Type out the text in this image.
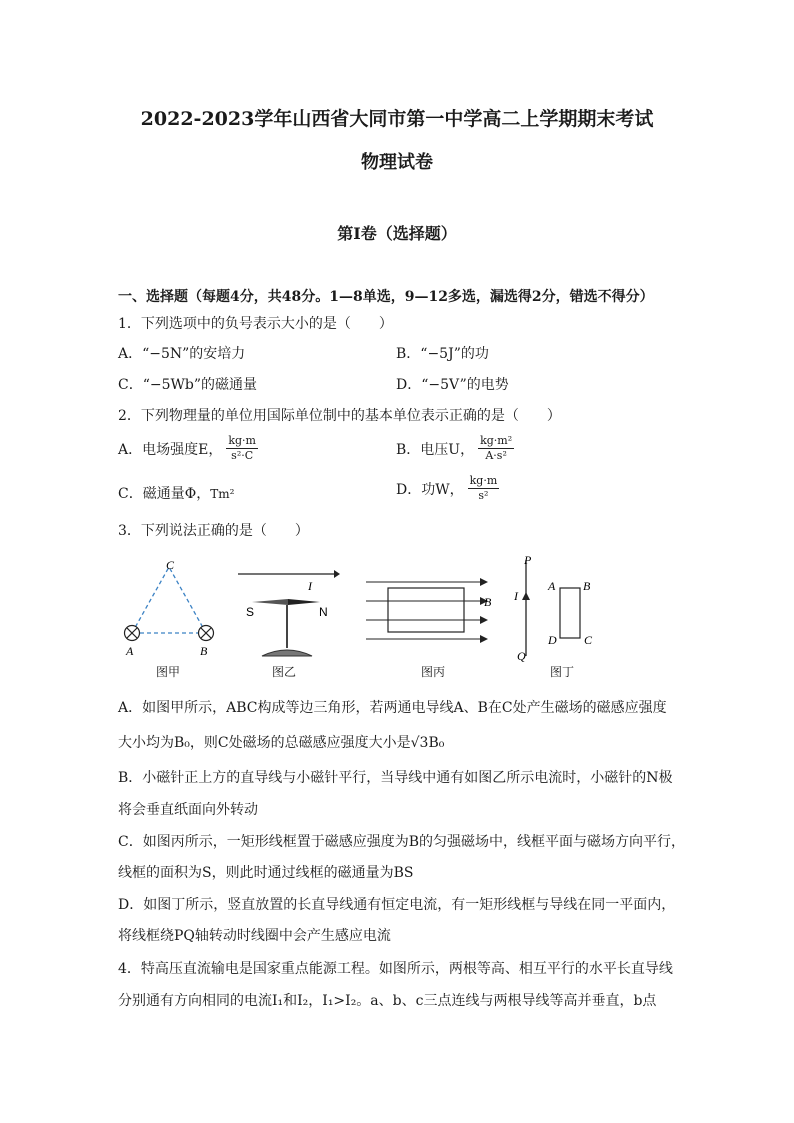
2022-2023学年山西省大同市第一中学高二上学期期末考试
物理试卷
第I卷（选择题）
一、选择题（每题4分，共48分。1—8单选，9—12多选，漏选得2分，错选不得分）
1．下列选项中的负号表示大小的是（　　）
A．“−5N”的安培力	B．“−5J”的功
C．“−5Wb”的磁通量	D．“−5V”的电势
2．下列物理量的单位用国际单位制中的基本单位表示正确的是（　　）
A．电场强度E， $\frac{kg\cdot m}{\text{s²·C}}$	B．电压U， $\frac{\text{kg·m²}}{\text{A·s²}}$
C．磁通量Φ，Tm²	D．功W， $\frac{kg\cdot m}{\text{s²}}$
3．下列说法正确的是（　　）
C
A	B
图甲
I
S	N
图乙
B
图丙
P
Q
I
A B
C
D
图丁
A．如图甲所示，ABC构成等边三角形，若两通电导线A、B在C处产生磁场的磁感应强度
大小均为B₀，则C处磁场的总磁感应强度大小是√3B₀
B．小磁针正上方的直导线与小磁针平行，当导线中通有如图乙所示电流时，小磁针的N极
将会垂直纸面向外转动
C．如图丙所示，一矩形线框置于磁感应强度为B的匀强磁场中，线框平面与磁场方向平行，
线框的面积为S，则此时通过线框的磁通量为BS
D．如图丁所示，竖直放置的长直导线通有恒定电流，有一矩形线框与导线在同一平面内，
将线框绕PQ轴转动时线圈中会产生感应电流
4．特高压直流输电是国家重点能源工程。如图所示，两根等高、相互平行的水平长直导线
分别通有方向相同的电流I₁和I₂，I₁>I₂。a、b、c三点连线与两根导线等高并垂直，b点
